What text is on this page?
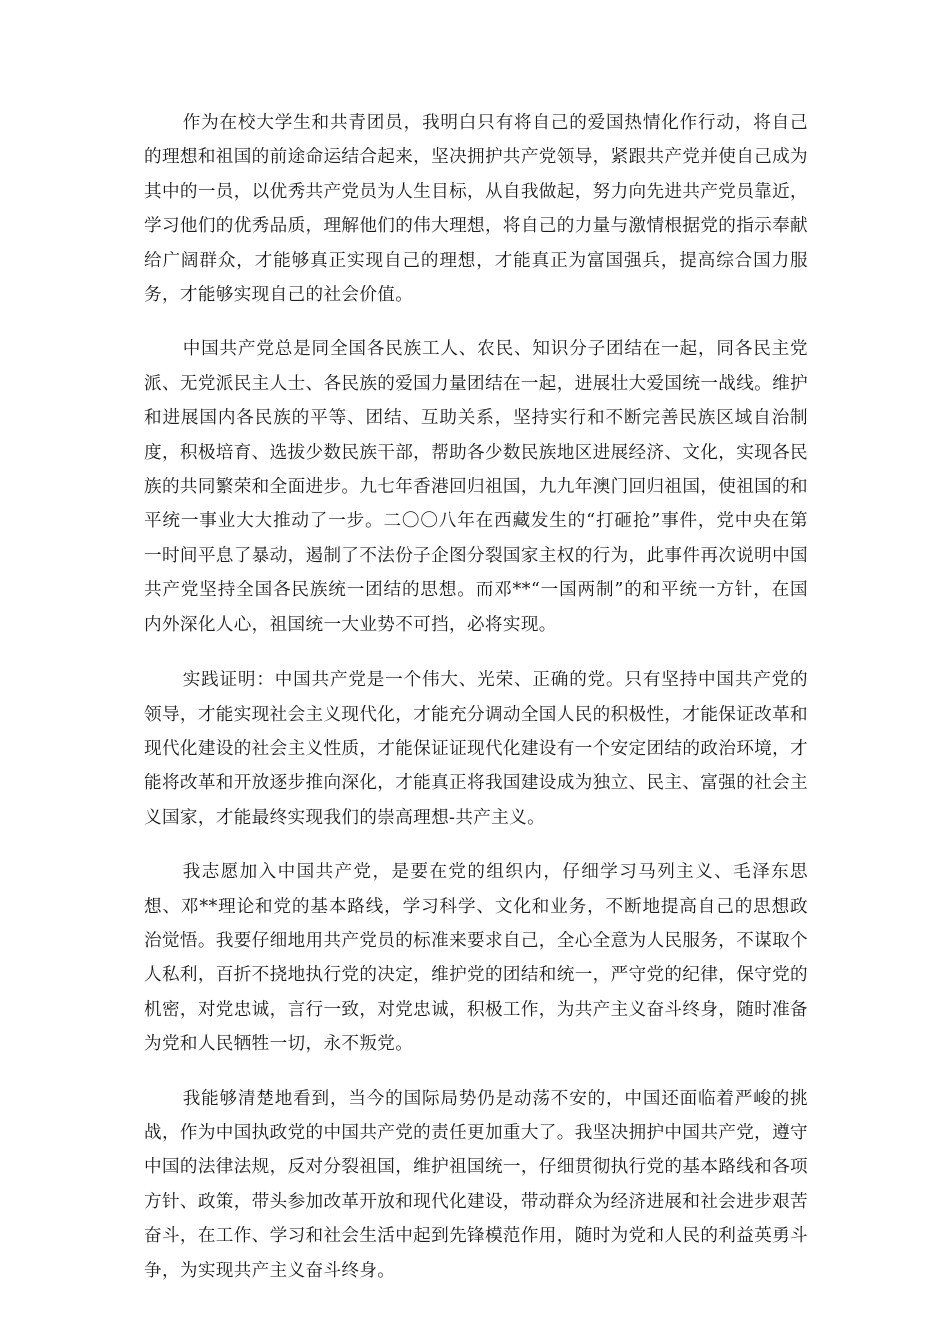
作为在校大学生和共青团员，我明白只有将自己的爱国热情化作行动，将自己的理想和祖国的前途命运结合起来，坚决拥护共产党领导，紧跟共产党并使自己成为其中的一员，以优秀共产党员为人生目标，从自我做起，努力向先进共产党员靠近，学习他们的优秀品质，理解他们的伟大理想，将自己的力量与激情根据党的指示奉献给广阔群众，才能够真正实现自己的理想，才能真正为富国强兵，提高综合国力服务，才能够实现自己的社会价值。

中国共产党总是同全国各民族工人、农民、知识分子团结在一起，同各民主党派、无党派民主人士、各民族的爱国力量团结在一起，进展壮大爱国统一战线。维护和进展国内各民族的平等、团结、互助关系，坚持实行和不断完善民族区域自治制度，积极培育、选拔少数民族干部，帮助各少数民族地区进展经济、文化，实现各民族的共同繁荣和全面进步。九七年香港回归祖国，九九年澳门回归祖国，使祖国的和平统一事业大大推动了一步。二〇〇八年在西藏发生的“打砸抢”事件，党中央在第一时间平息了暴动，遏制了不法份子企图分裂国家主权的行为，此事件再次说明中国共产党坚持全国各民族统一团结的思想。而邓**“一国两制”的和平统一方针，在国内外深化人心，祖国统一大业势不可挡，必将实现。

实践证明：中国共产党是一个伟大、光荣、正确的党。只有坚持中国共产党的领导，才能实现社会主义现代化，才能充分调动全国人民的积极性，才能保证改革和现代化建设的社会主义性质，才能保证证现代化建设有一个安定团结的政治环境，才能将改革和开放逐步推向深化，才能真正将我国建设成为独立、民主、富强的社会主义国家，才能最终实现我们的崇高理想-共产主义。

我志愿加入中国共产党，是要在党的组织内，仔细学习马列主义、毛泽东思想、邓**理论和党的基本路线，学习科学、文化和业务，不断地提高自己的思想政治觉悟。我要仔细地用共产党员的标准来要求自己，全心全意为人民服务，不谋取个人私利，百折不挠地执行党的决定，维护党的团结和统一，严守党的纪律，保守党的机密，对党忠诚，言行一致，对党忠诚，积极工作，为共产主义奋斗终身，随时准备为党和人民牺牲一切，永不叛党。

我能够清楚地看到，当今的国际局势仍是动荡不安的，中国还面临着严峻的挑战，作为中国执政党的中国共产党的责任更加重大了。我坚决拥护中国共产党，遵守中国的法律法规，反对分裂祖国，维护祖国统一，仔细贯彻执行党的基本路线和各项方针、政策，带头参加改革开放和现代化建设，带动群众为经济进展和社会进步艰苦奋斗，在工作、学习和社会生活中起到先锋模范作用，随时为党和人民的利益英勇斗争，为实现共产主义奋斗终身。
